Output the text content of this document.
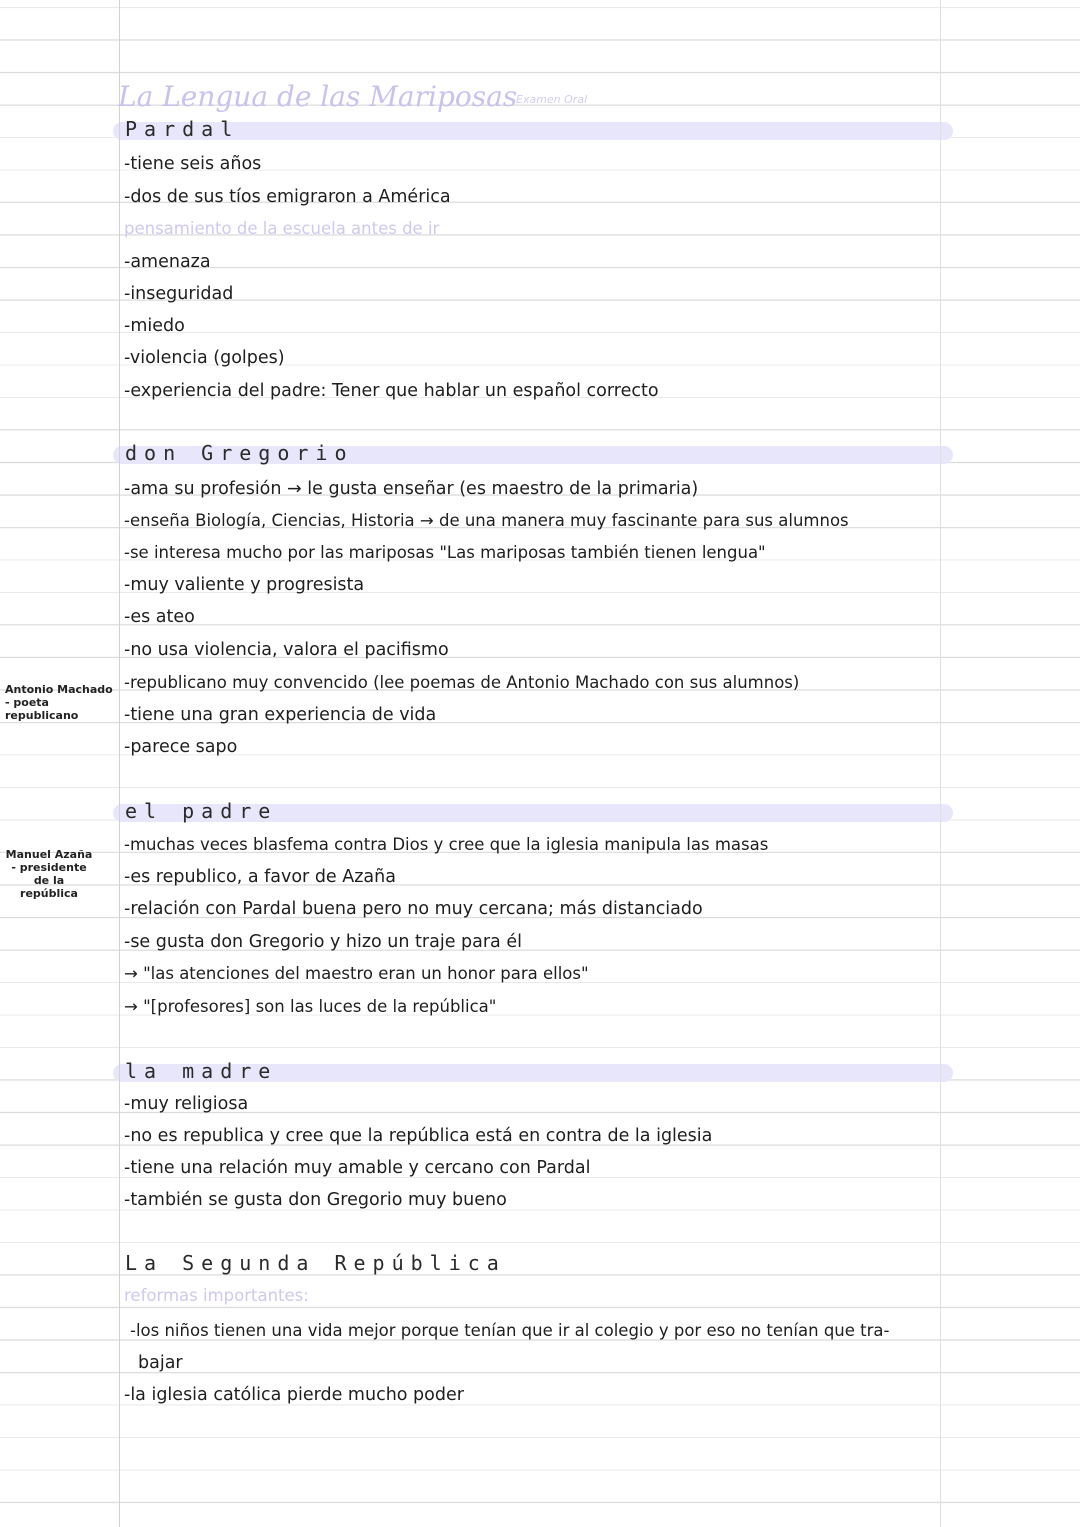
La Lengua de las Mariposas
Examen Oral
Pardal
-tiene seis años
-dos de sus tíos emigraron a América
pensamiento de la escuela antes de ir
-amenaza
-inseguridad
-miedo
-violencia (golpes)
-experiencia del padre: Tener que hablar un español correcto
don Gregorio
-ama su profesión → le gusta enseñar (es maestro de la primaria)
-enseña Biología, Ciencias, Historia → de una manera muy fascinante para sus alumnos
-se interesa mucho por las mariposas "Las mariposas también tienen lengua"
-muy valiente y progresista
-es ateo
-no usa violencia, valora el pacifismo
-republicano muy convencido (lee poemas de Antonio Machado con sus alumnos)
-tiene una gran experiencia de vida
-parece sapo
Antonio Machado - poeta republicano
el padre
-muchas veces blasfema contra Dios y cree que la iglesia manipula las masas
-es republico, a favor de Azaña
-relación con Pardal buena pero no muy cercana; más distanciado
-se gusta don Gregorio y hizo un traje para él
→ "las atenciones del maestro eran un honor para ellos"
→ "[profesores] son las luces de la república"
Manuel Azaña - presidente de la república
la madre
-muy religiosa
-no es republica y cree que la república está en contra de la iglesia
-tiene una relación muy amable y cercano con Pardal
-también se gusta don Gregorio muy bueno
La Segunda República
reformas importantes:
-los niños tienen una vida mejor porque tenían que ir al colegio y por eso no tenían que tra-
bajar
-la iglesia católica pierde mucho poder
